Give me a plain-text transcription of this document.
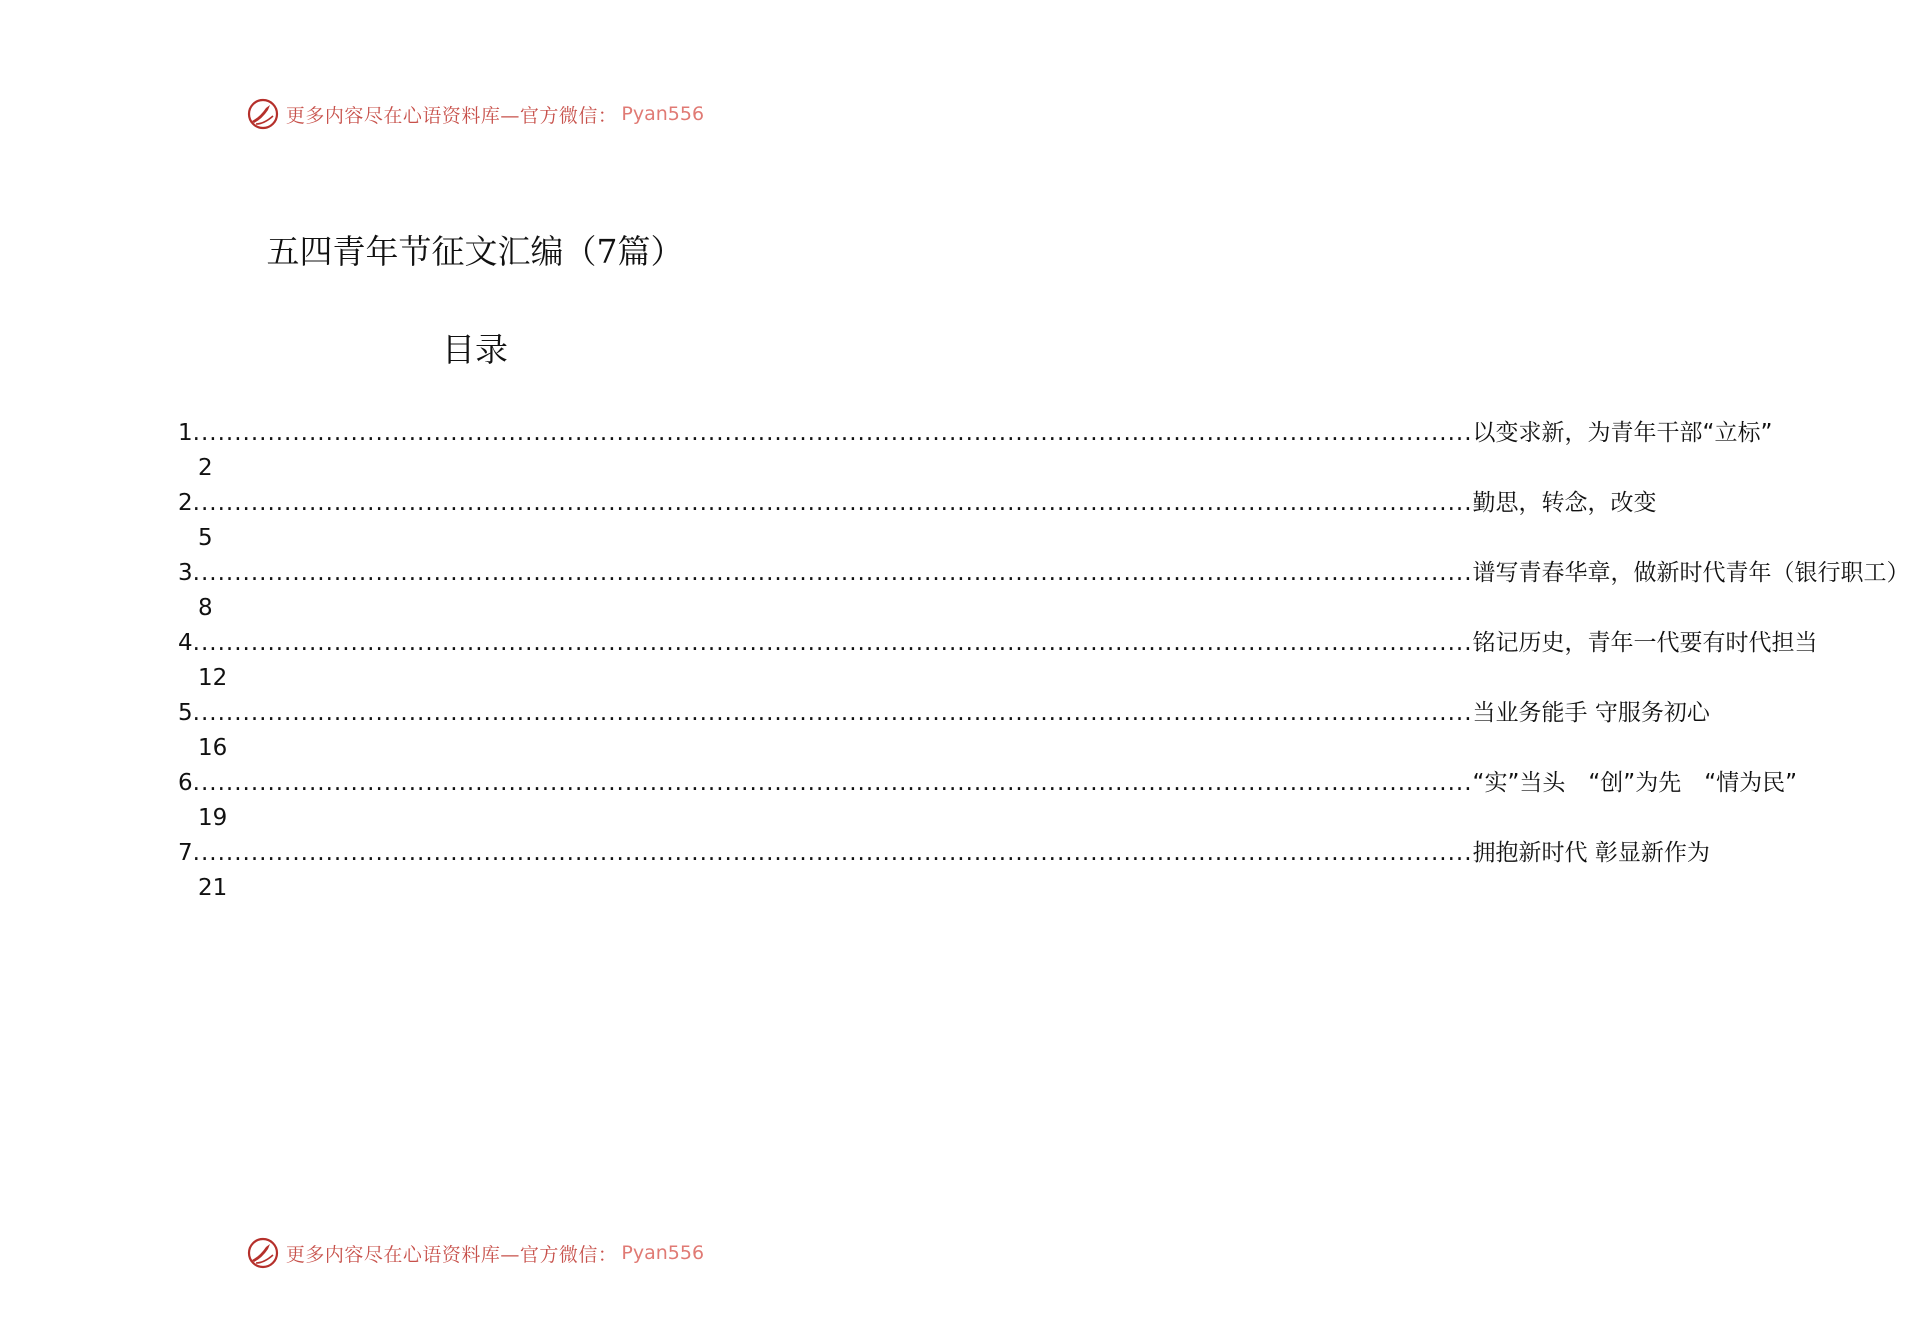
更多内容尽在心语资料库—官方微信： Pyan556
五四青年节征文汇编（7篇）
目录
1 .......................................................................................................................................................... 以变求新，为青年干部“立标”
2
2 .......................................................................................................................................................... 勤思，转念，改变
5
3 .......................................................................................................................................................... 谱写青春华章，做新时代青年（银行职工）
8
4 .......................................................................................................................................................... 铭记历史，青年一代要有时代担当
12
5 .......................................................................................................................................................... 当业务能手 守服务初心
16
6 .......................................................................................................................................................... “实”当头　“创”为先　“情为民”
19
7 .......................................................................................................................................................... 拥抱新时代 彰显新作为
21
更多内容尽在心语资料库—官方微信： Pyan556
